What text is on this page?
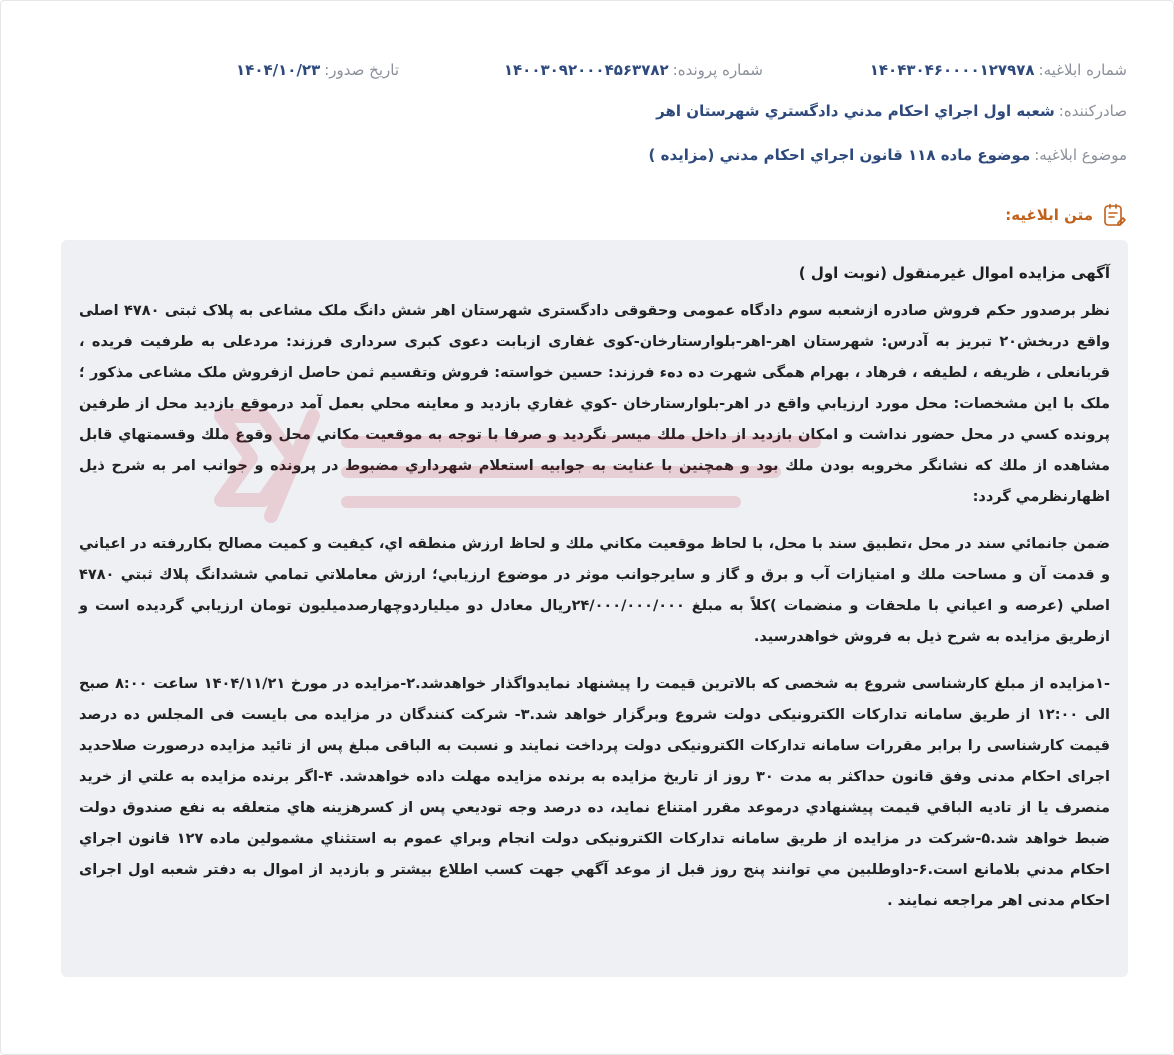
شماره ابلاغیه:
۱۴۰۴۳۰۴۶۰۰۰۰۱۲۷۹۷۸
شماره پرونده:
۱۴۰۰۳۰۹۲۰۰۰۴۵۶۳۷۸۲
تاریخ صدور:
۱۴۰۴/۱۰/۲۳
صادرکننده:
شعبه اول اجراي احکام مدني دادگستري شهرستان اهر
موضوع ابلاغیه:
موضوع ماده ۱۱۸ قانون اجراي احکام مدني (مزايده )
متن ابلاغیه:
آگهی مزایده اموال غیرمنقول (نوبت اول )

نظر برصدور حکم فروش صادره ازشعبه سوم دادگاه عمومی وحقوقی دادگستری شهرستان اهر شش دانگ ملک مشاعی به پلاک ثبتی ۴۷۸۰ اصلی واقع دربخش۲۰ تبریز به آدرس: شهرستان اهر-اهر-بلوارستارخان-کوی غفاری ازبابت دعوی کبری سرداری فرزند: مردعلی به طرفیت فریده ، قربانعلی ، ظریفه ، لطیفه ، فرهاد ، بهرام همگی شهرت ده دهء فرزند: حسین خواسته: فروش وتقسیم ثمن حاصل ازفروش ملک مشاعی مذکور ؛ ملک با این مشخصات: محل مورد ارزيابي واقع در اهر-بلوارستارخان -کوي غفاري بازديد و معاينه محلي بعمل آمد درموقع بازديد محل از طرفين پرونده کسي در محل حضور نداشت و امکان بازديد از داخل ملك ميسر نگرديد و صرفا با توجه به موقعيت مکاني محل وقوع ملك وقسمتهاي قابل مشاهده از ملك كه نشانگر مخروبه بودن ملك بود و همچنين با عنايت به جوابيه استعلام شهرداري مضبوط در پرونده و جوانب امر به شرح ذيل اظهارنظرمي گردد:

ضمن جانمائي سند در محل ،تطبيق سند با محل، با لحاظ موقعيت مکاني ملك و لحاظ ارزش منطقه اي، کيفيت و کميت مصالح بكاررفته در اعياني و قدمت آن و مساحت ملك و امتيازات آب و برق و گاز و سايرجوانب موثر در موضوع ارزيابي؛ ارزش معاملاتي تمامي ششدانگ پلاك ثبتي ۴۷۸۰ اصلي (عرصه و اعياني با ملحقات و منضمات )کلاً به مبلغ ۲۴/۰۰۰/۰۰۰/۰۰۰ريال معادل دو ميلياردوچهارصدميليون تومان ارزيابي گرديده است و ازطريق مزايده به شرح ذيل به فروش خواهدرسيد.

-۱مزایده از مبلغ کارشناسی شروع به شخصی که بالاترین قیمت را پیشنهاد نمایدواگذار خواهدشد.۲-مزایده در مورخ ۱۴۰۴/۱۱/۲۱ ساعت ۸:۰۰ صبح الی ۱۲:۰۰ از طریق سامانه تدارکات الکترونیکی دولت شروع وبرگزار خواهد شد.۳- شرکت کنندگان در مزایده می بایست فی المجلس ده درصد قیمت کارشناسی را برابر مقررات سامانه تدارکات الکترونیکی دولت پرداخت نمایند و نسبت به الباقی مبلغ پس از تائید مزایده درصورت صلاحدید اجرای احکام مدنی وفق قانون حداکثر به مدت ۳۰ روز از تاریخ مزایده به برنده مزایده مهلت داده خواهدشد. ۴-اگر برنده مزايده به علتي از خريد منصرف يا از تاديه الباقي قيمت پيشنهادي درموعد مقرر امتناع نمايد، ده درصد وجه توديعي پس از كسرهزينه هاي متعلقه به نفع صندوق دولت ضبط خواهد شد.۵-شرکت در مزایده از طریق سامانه تدارکات الکترونیکی دولت انجام وبراي عموم به استثناي مشمولين ماده ۱۲۷ قانون اجراي احكام مدني بلامانع است.۶-داوطلبين مي توانند پنج روز قبل از موعد آگهي جهت كسب اطلاع بيشتر و بازديد از اموال به دفتر شعبه اول اجرای احکام مدنی اهر مراجعه نمایند .
